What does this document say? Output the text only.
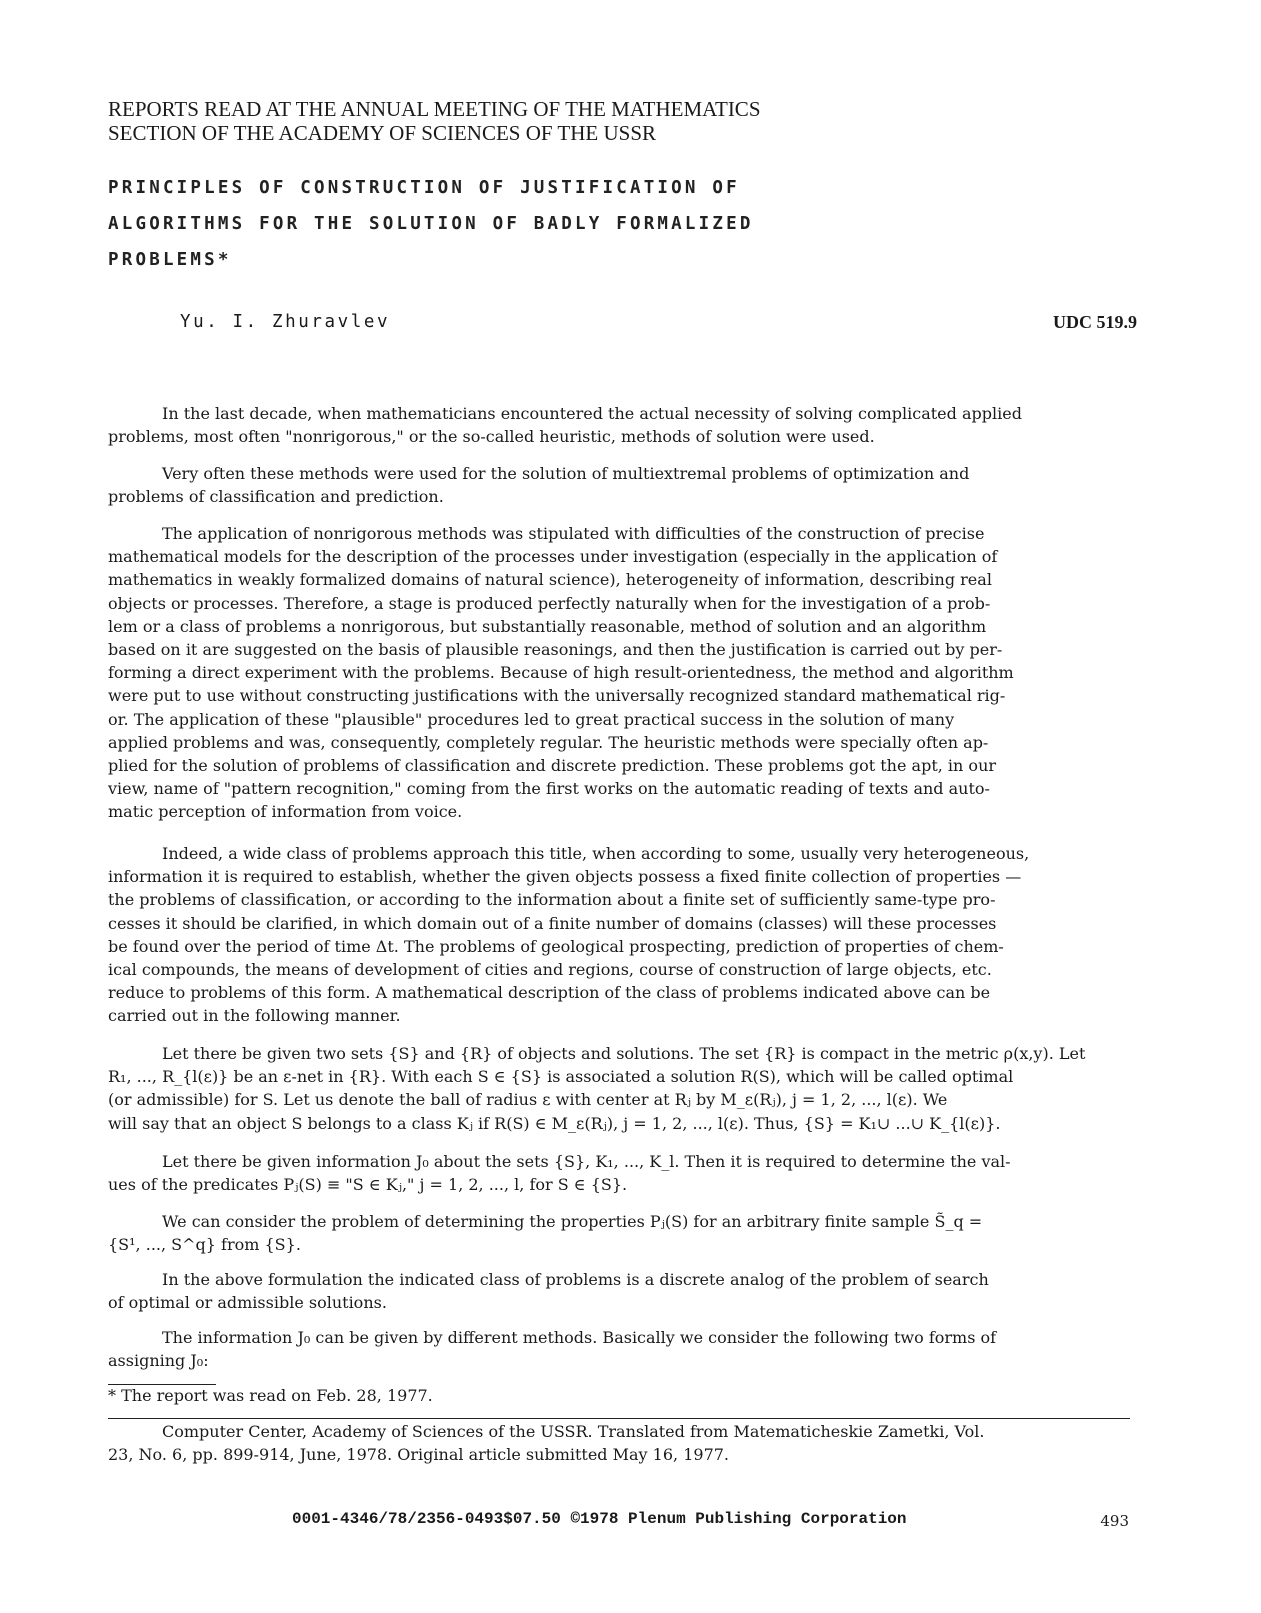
REPORTS READ AT THE ANNUAL MEETING OF THE MATHEMATICS
SECTION OF THE ACADEMY OF SCIENCES OF THE USSR
PRINCIPLES OF CONSTRUCTION OF JUSTIFICATION OF
ALGORITHMS FOR THE SOLUTION OF BADLY FORMALIZED
PROBLEMS*
Yu. I. Zhuravlev	UDC 519.9
In the last decade, when mathematicians encountered the actual necessity of solving complicated applied
problems, most often "nonrigorous," or the so-called heuristic, methods of solution were used.
Very often these methods were used for the solution of multiextremal problems of optimization and
problems of classification and prediction.
The application of nonrigorous methods was stipulated with difficulties of the construction of precise
mathematical models for the description of the processes under investigation (especially in the application of
mathematics in weakly formalized domains of natural science), heterogeneity of information, describing real
objects or processes. Therefore, a stage is produced perfectly naturally when for the investigation of a prob-
lem or a class of problems a nonrigorous, but substantially reasonable, method of solution and an algorithm
based on it are suggested on the basis of plausible reasonings, and then the justification is carried out by per-
forming a direct experiment with the problems. Because of high result-orientedness, the method and algorithm
were put to use without constructing justifications with the universally recognized standard mathematical rig-
or. The application of these "plausible" procedures led to great practical success in the solution of many
applied problems and was, consequently, completely regular. The heuristic methods were specially often ap-
plied for the solution of problems of classification and discrete prediction. These problems got the apt, in our
view, name of "pattern recognition," coming from the first works on the automatic reading of texts and auto-
matic perception of information from voice.
Indeed, a wide class of problems approach this title, when according to some, usually very heterogeneous,
information it is required to establish, whether the given objects possess a fixed finite collection of properties —
the problems of classification, or according to the information about a finite set of sufficiently same-type pro-
cesses it should be clarified, in which domain out of a finite number of domains (classes) will these processes
be found over the period of time Δt. The problems of geological prospecting, prediction of properties of chem-
ical compounds, the means of development of cities and regions, course of construction of large objects, etc.
reduce to problems of this form. A mathematical description of the class of problems indicated above can be
carried out in the following manner.
Let there be given two sets {S} and {R} of objects and solutions. The set {R} is compact in the metric ρ(x,y). Let
R₁, ..., R_{l(ε)} be an ε-net in {R}. With each S ∈ {S} is associated a solution R(S), which will be called optimal
(or admissible) for S. Let us denote the ball of radius ε with center at Rⱼ by M_ε(Rⱼ), j = 1, 2, ..., l(ε). We
will say that an object S belongs to a class Kⱼ if R(S) ∈ M_ε(Rⱼ), j = 1, 2, ..., l(ε). Thus, {S} = K₁∪ ...∪ K_{l(ε)}.
Let there be given information J₀ about the sets {S}, K₁, ..., K_l. Then it is required to determine the val-
ues of the predicates Pⱼ(S) ≡ "S ∈ Kⱼ," j = 1, 2, ..., l, for S ∈ {S}.
We can consider the problem of determining the properties Pⱼ(S) for an arbitrary finite sample S̃_q =
{S¹, ..., S^q} from {S}.
In the above formulation the indicated class of problems is a discrete analog of the problem of search
of optimal or admissible solutions.
The information J₀ can be given by different methods. Basically we consider the following two forms of
assigning J₀:
* The report was read on Feb. 28, 1977.
Computer Center, Academy of Sciences of the USSR. Translated from Matematicheskie Zametki, Vol.
23, No. 6, pp. 899-914, June, 1978. Original article submitted May 16, 1977.
0001-4346/78/2356-0493$07.50 ©1978 Plenum Publishing Corporation	493
